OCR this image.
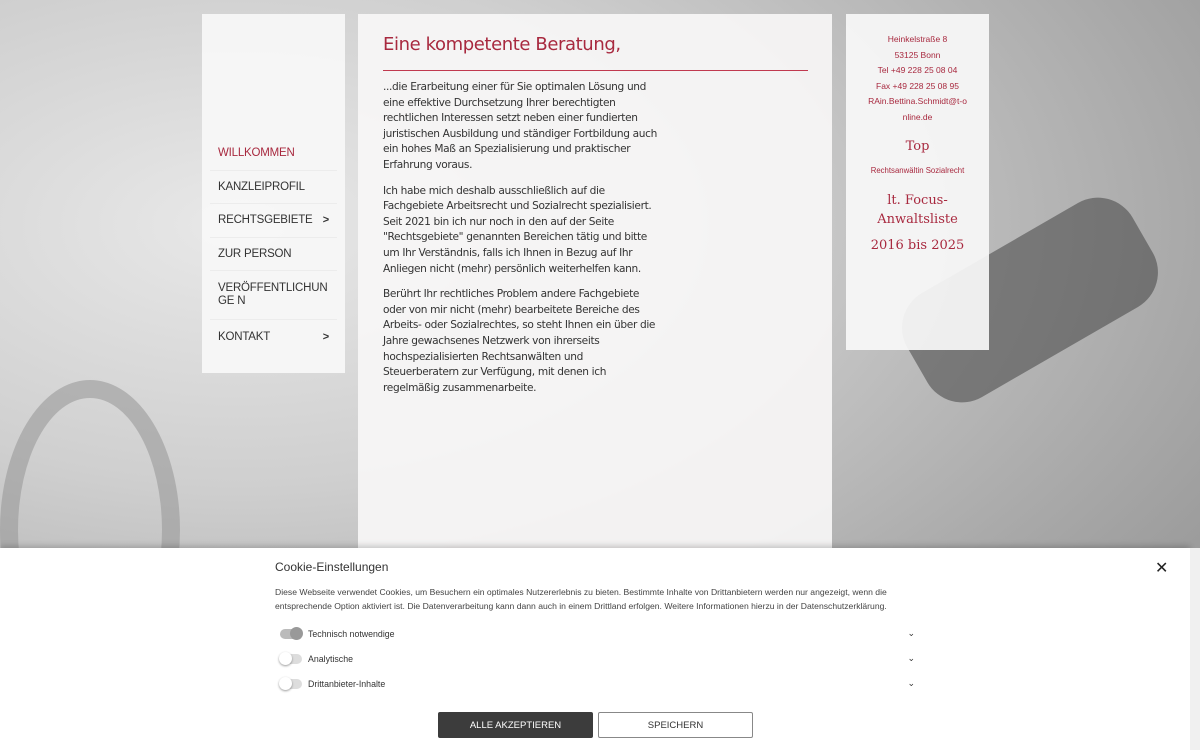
WILLKOMMEN
KANZLEIPROFIL
RECHTSGEBIETE >
ZUR PERSON
VERÖFFENTLICHUNGE N
KONTAKT	>
Eine kompetente Beratung,

...die Erarbeitung einer für Sie optimalen Lösung und eine effektive Durchsetzung Ihrer berechtigten rechtlichen Interessen setzt neben einer fundierten juristischen Ausbildung und ständiger Fortbildung auch ein hohes Maß an Spezialisierung und praktischer Erfahrung voraus.

Ich habe mich deshalb ausschließlich auf die Fachgebiete Arbeitsrecht und Sozialrecht spezialisiert. Seit 2021 bin ich nur noch in den auf der Seite "Rechtsgebiete" genannten Bereichen tätig und bitte um Ihr Verständnis, falls ich Ihnen in Bezug auf Ihr Anliegen nicht (mehr) persönlich weiterhelfen kann.

Berührt Ihr rechtliches Problem andere Fachgebiete oder von mir nicht (mehr) bearbeitete Bereiche des Arbeits- oder Sozialrechtes, so steht Ihnen ein über die Jahre gewachsenes Netzwerk von ihrerseits hochspezialisierten Rechtsanwälten und Steuerberatern zur Verfügung, mit denen ich regelmäßig zusammenarbeite.

Heinkelstraße 8
53125 Bonn
Tel +49 228 25 08 04
Fax +49 228 25 08 95
RAin.Bettina.Schmidt@t-online.de
Top
Rechtsanwältin Sozialrecht
lt. Focus-Anwaltsliste
2016 bis 2025
Cookie-Einstellungen	✕
Diese Webseite verwendet Cookies, um Besuchern ein optimales Nutzererlebnis zu bieten. Bestimmte Inhalte von Drittanbietern werden nur angezeigt, wenn die entsprechende Option aktiviert ist. Die Datenverarbeitung kann dann auch in einem Drittland erfolgen. Weitere Informationen hierzu in der Datenschutzerklärung.
Technisch notwendige	⌄
Analytische	⌄
Drittanbieter-Inhalte	⌄
ALLE AKZEPTIEREN	SPEICHERN
